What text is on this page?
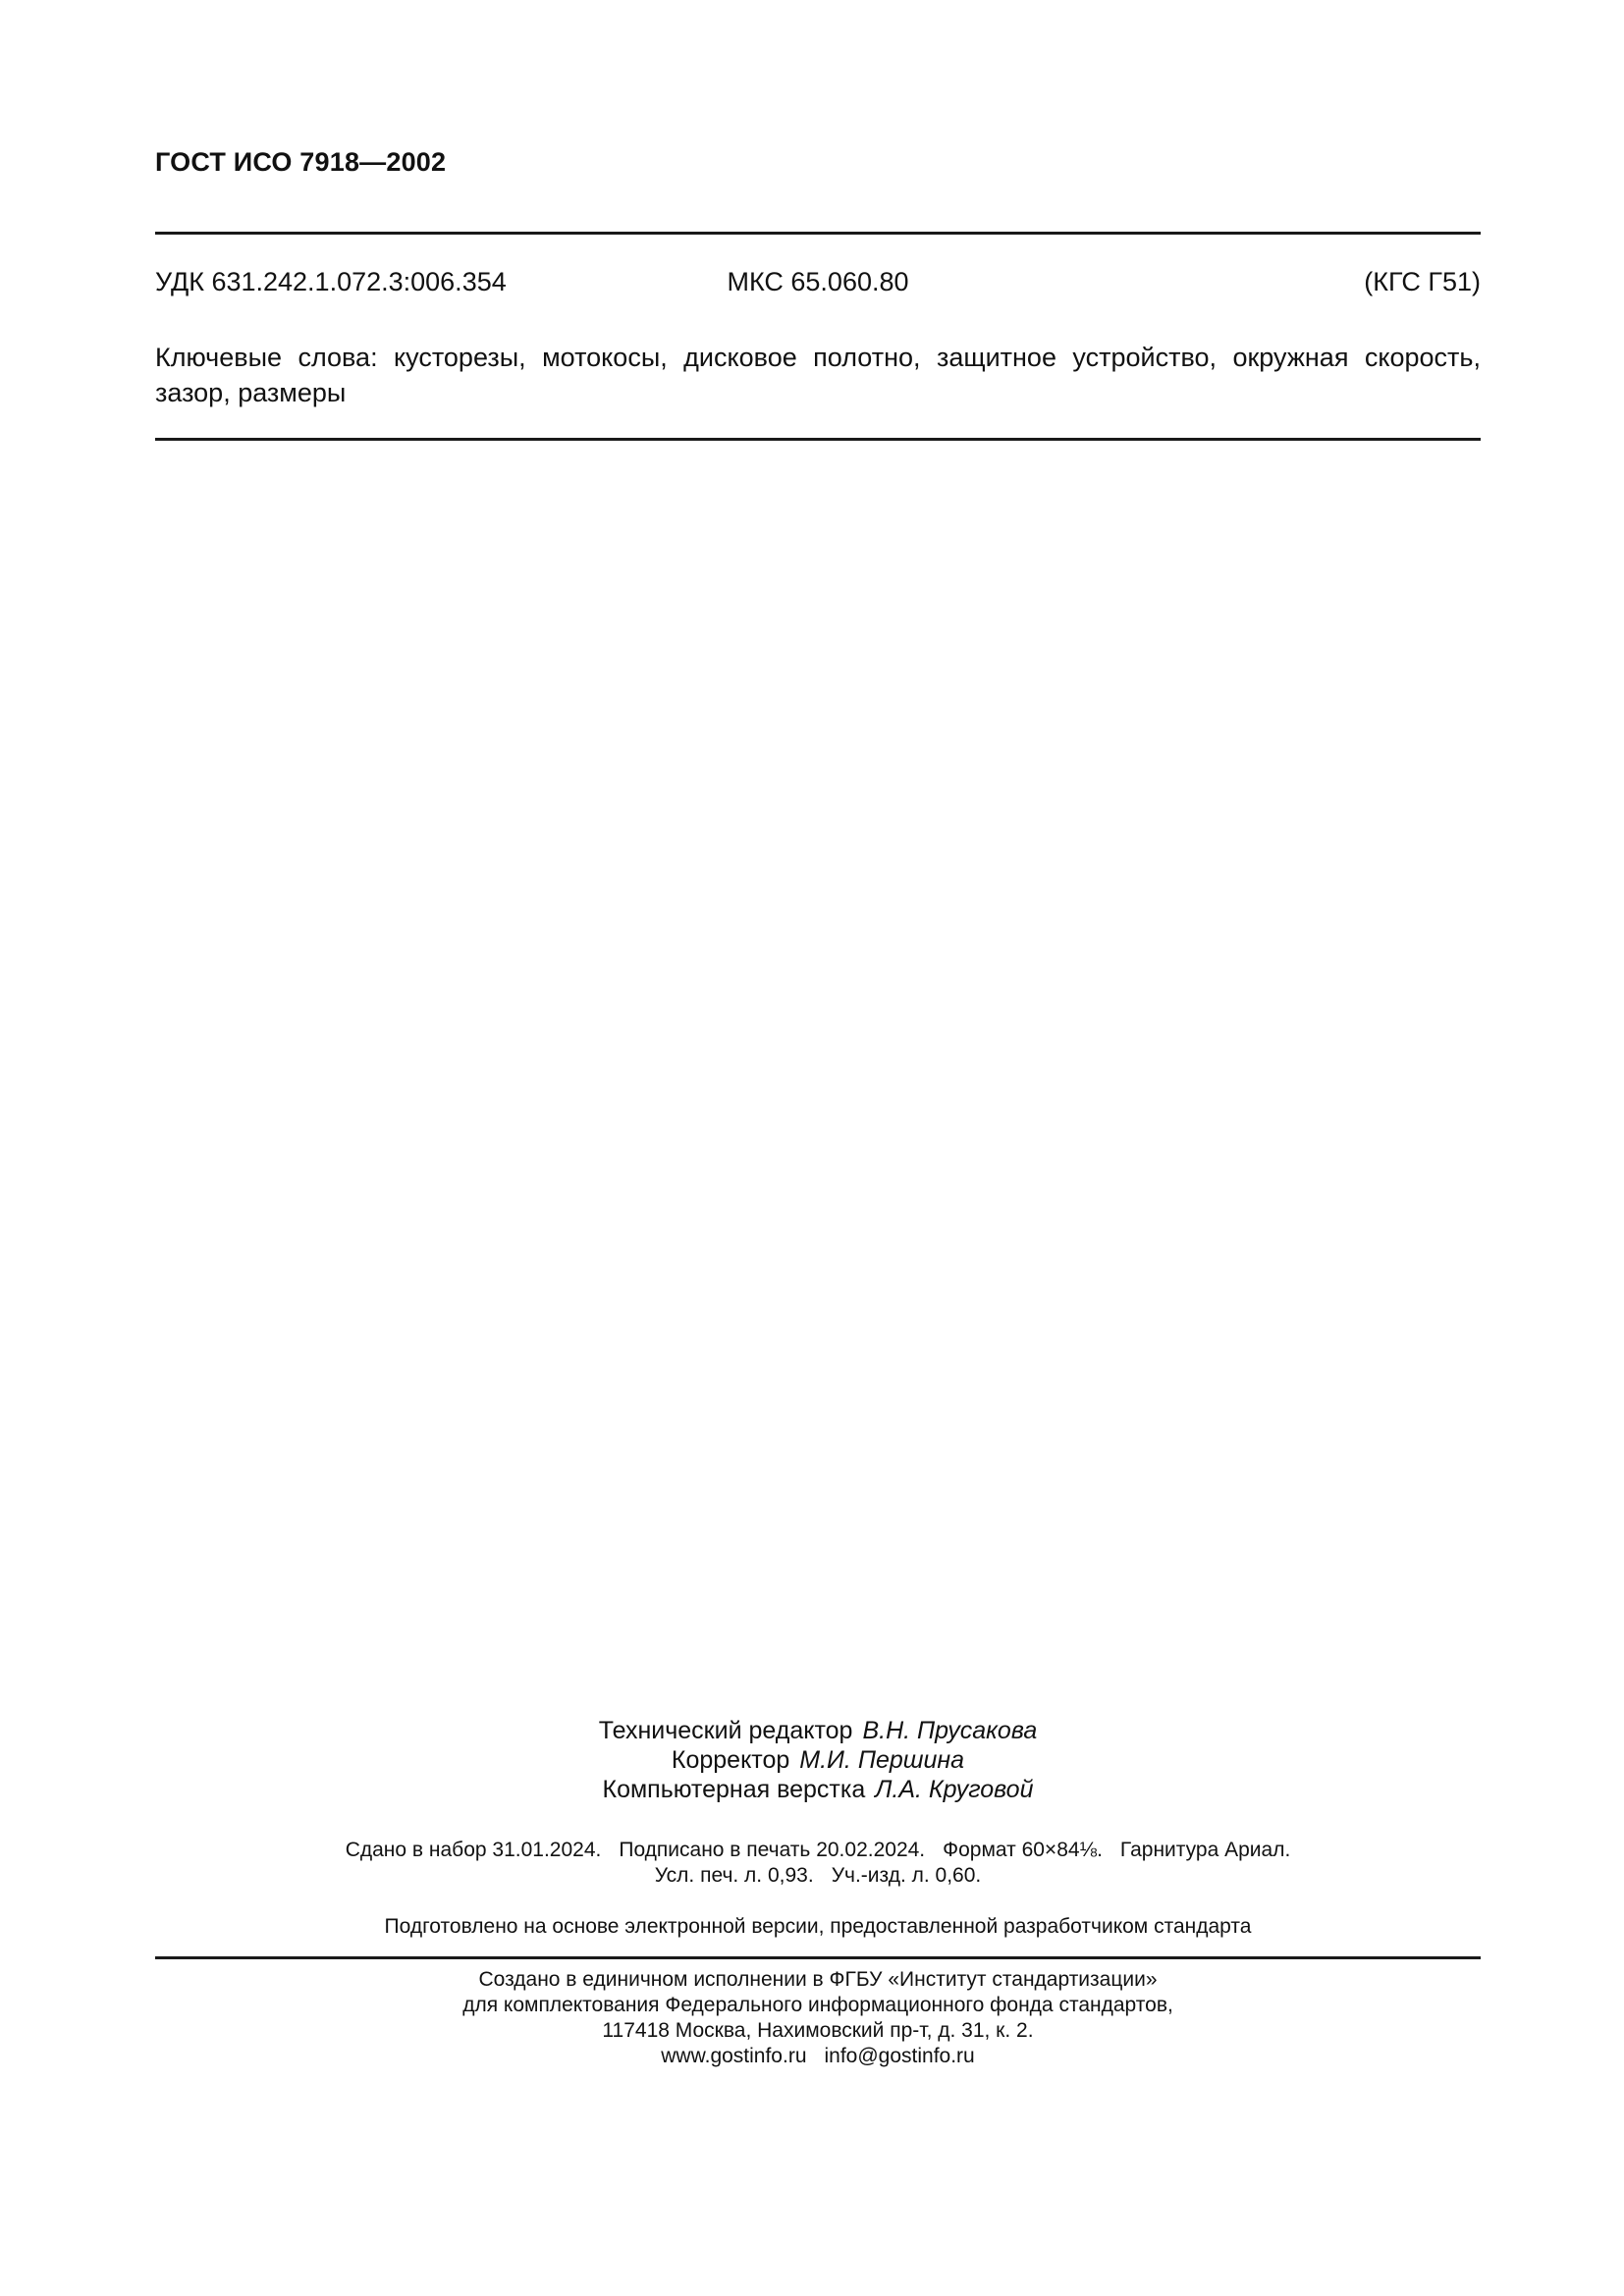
ГОСТ ИСО 7918—2002
УДК 631.242.1.072.3:006.354	МКС 65.060.80	(КГС Г51)
Ключевые слова: кусторезы, мотокосы, дисковое полотно, защитное устройство, окружная скорость, зазор, размеры
Технический редактор В.Н. Прусакова
Корректор М.И. Першина
Компьютерная верстка Л.А. Круговой
Сдано в набор 31.01.2024. Подписано в печать 20.02.2024. Формат 60×84⅛. Гарнитура Ариал.
Усл. печ. л. 0,93. Уч.-изд. л. 0,60.
Подготовлено на основе электронной версии, предоставленной разработчиком стандарта
Создано в единичном исполнении в ФГБУ «Институт стандартизации»
для комплектования Федерального информационного фонда стандартов,
117418 Москва, Нахимовский пр-т, д. 31, к. 2.
www.gostinfo.ru info@gostinfo.ru
